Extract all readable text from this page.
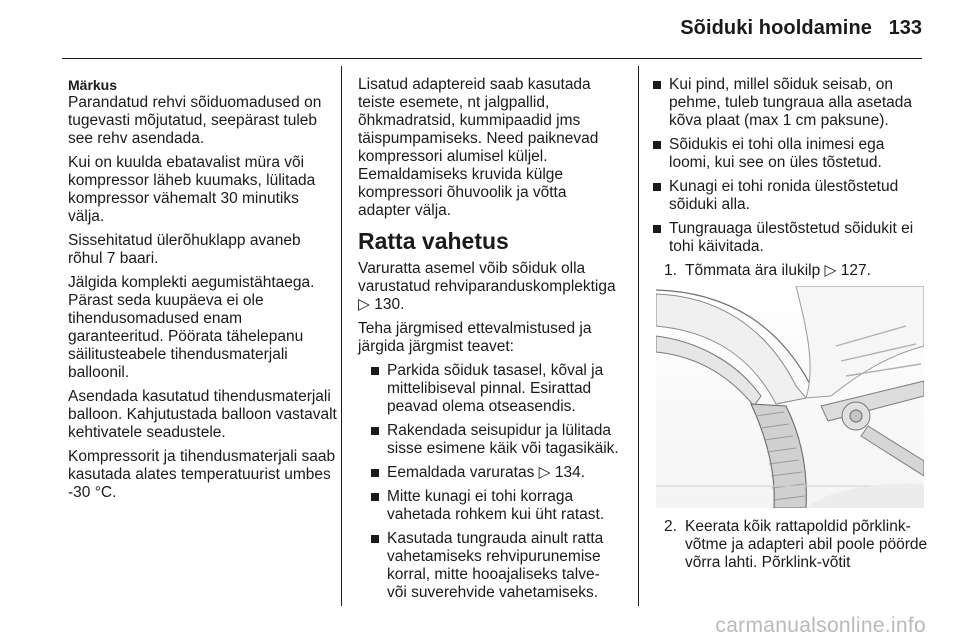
Sõiduki hooldamine 133

Märkus

Parandatud rehvi sõiduomadused on tugevasti mõjutatud, seepärast tuleb see rehv asendada.

Kui on kuulda ebatavalist müra või kompressor läheb kuumaks, lülitada kompressor vähemalt 30 minutiks välja.

Sissehitatud ülerõhuklapp avaneb rõhul 7 baari.

Jälgida komplekti aegumistähtaega. Pärast seda kuupäeva ei ole tihendusomadused enam garanteeritud. Pöörata tähelepanu säilitusteabele tihendusmaterjali balloonil.

Asendada kasutatud tihendusmaterjali balloon. Kahjutustada balloon vastavalt kehtivatele seadustele.

Kompressorit ja tihendusmaterjali saab kasutada alates temperatuurist umbes -30 °C.

Lisatud adaptereid saab kasutada teiste esemete, nt jalgpallid, õhkmadratsid, kummipaadid jms täispumpamiseks. Need paiknevad kompressori alumisel küljel. Eemaldamiseks kruvida külge kompressori õhuvoolik ja võtta adapter välja.

Ratta vahetus

Varuratta asemel võib sõiduk olla varustatud rehviparanduskomplektiga ▷ 130.

Teha järgmised ettevalmistused ja järgida järgmist teavet:

Parkida sõiduk tasasel, kõval ja mittelibiseval pinnal. Esirattad peavad olema otseasendis.
Rakendada seisupidur ja lülitada sisse esimene käik või tagasikäik.
Eemaldada varuratas ▷ 134.
Mitte kunagi ei tohi korraga vahetada rohkem kui üht ratast.
Kasutada tungrauda ainult ratta vahetamiseks rehvipurunemise korral, mitte hooajaliseks talve- või suverehvide vahetamiseks.
Kui pind, millel sõiduk seisab, on pehme, tuleb tungraua alla asetada kõva plaat (max 1 cm paksune).
Sõidukis ei tohi olla inimesi ega loomi, kui see on üles tõstetud.
Kunagi ei tohi ronida ülestõstetud sõiduki alla.
Tungrauaga ülestõstetud sõidukit ei tohi käivitada.
1. Tõmmata ära ilukilp ▷ 127.
2. Keerata kõik rattapoldid põrklink-võtme ja adapteri abil poole pöörde võrra lahti. Põrklink-võtit
carmanualsonline.info
